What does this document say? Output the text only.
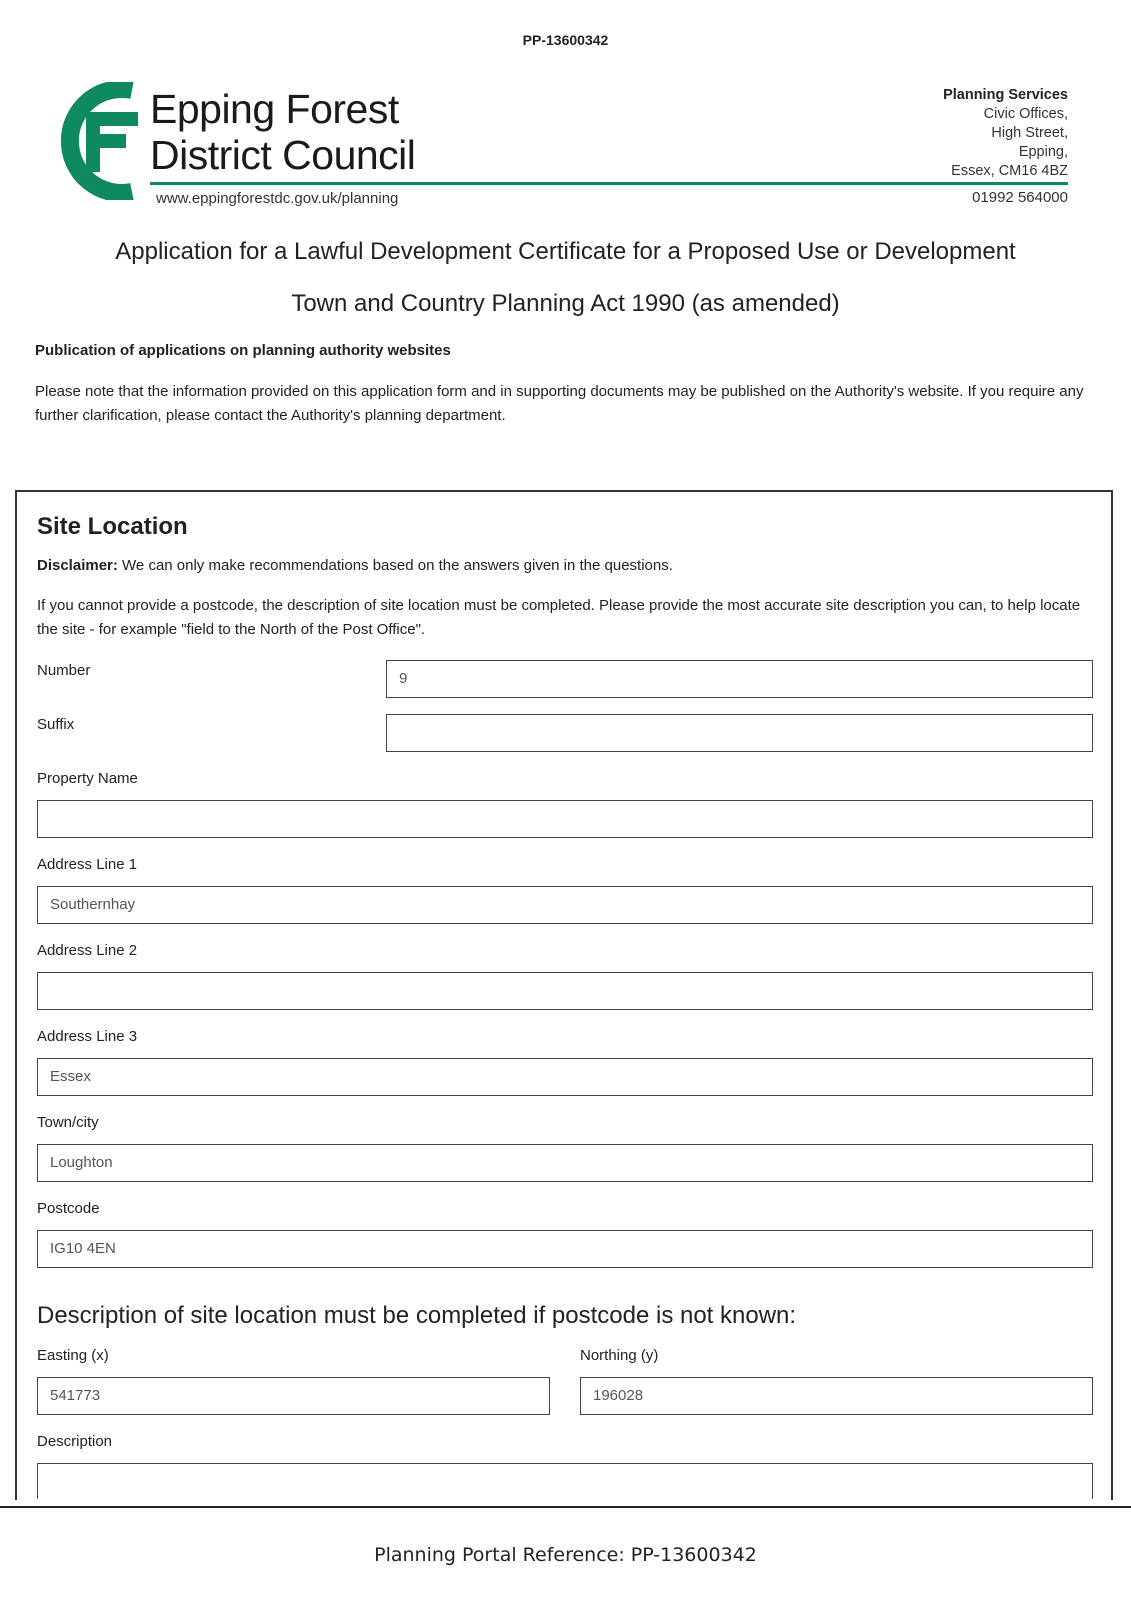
PP-13600342
Epping Forest
District Council
www.eppingforestdc.gov.uk/planning
Planning Services
Civic Offices,
High Street,
Epping,
Essex, CM16 4BZ
01992 564000
Application for a Lawful Development Certificate for a Proposed Use or Development
Town and Country Planning Act 1990 (as amended)
Publication of applications on planning authority websites
Please note that the information provided on this application form and in supporting documents may be published on the Authority's website. If you require any further clarification, please contact the Authority's planning department.
Site Location
Disclaimer: We can only make recommendations based on the answers given in the questions.
If you cannot provide a postcode, the description of site location must be completed. Please provide the most accurate site description you can, to help locate the site - for example "field to the North of the Post Office".
Number	9
Suffix
Property Name
Address Line 1
Southernhay
Address Line 2
Address Line 3
Essex
Town/city
Loughton
Postcode
IG10 4EN
Description of site location must be completed if postcode is not known:
Easting (x)
541773
Northing (y)
196028
Description
Planning Portal Reference: PP-13600342
